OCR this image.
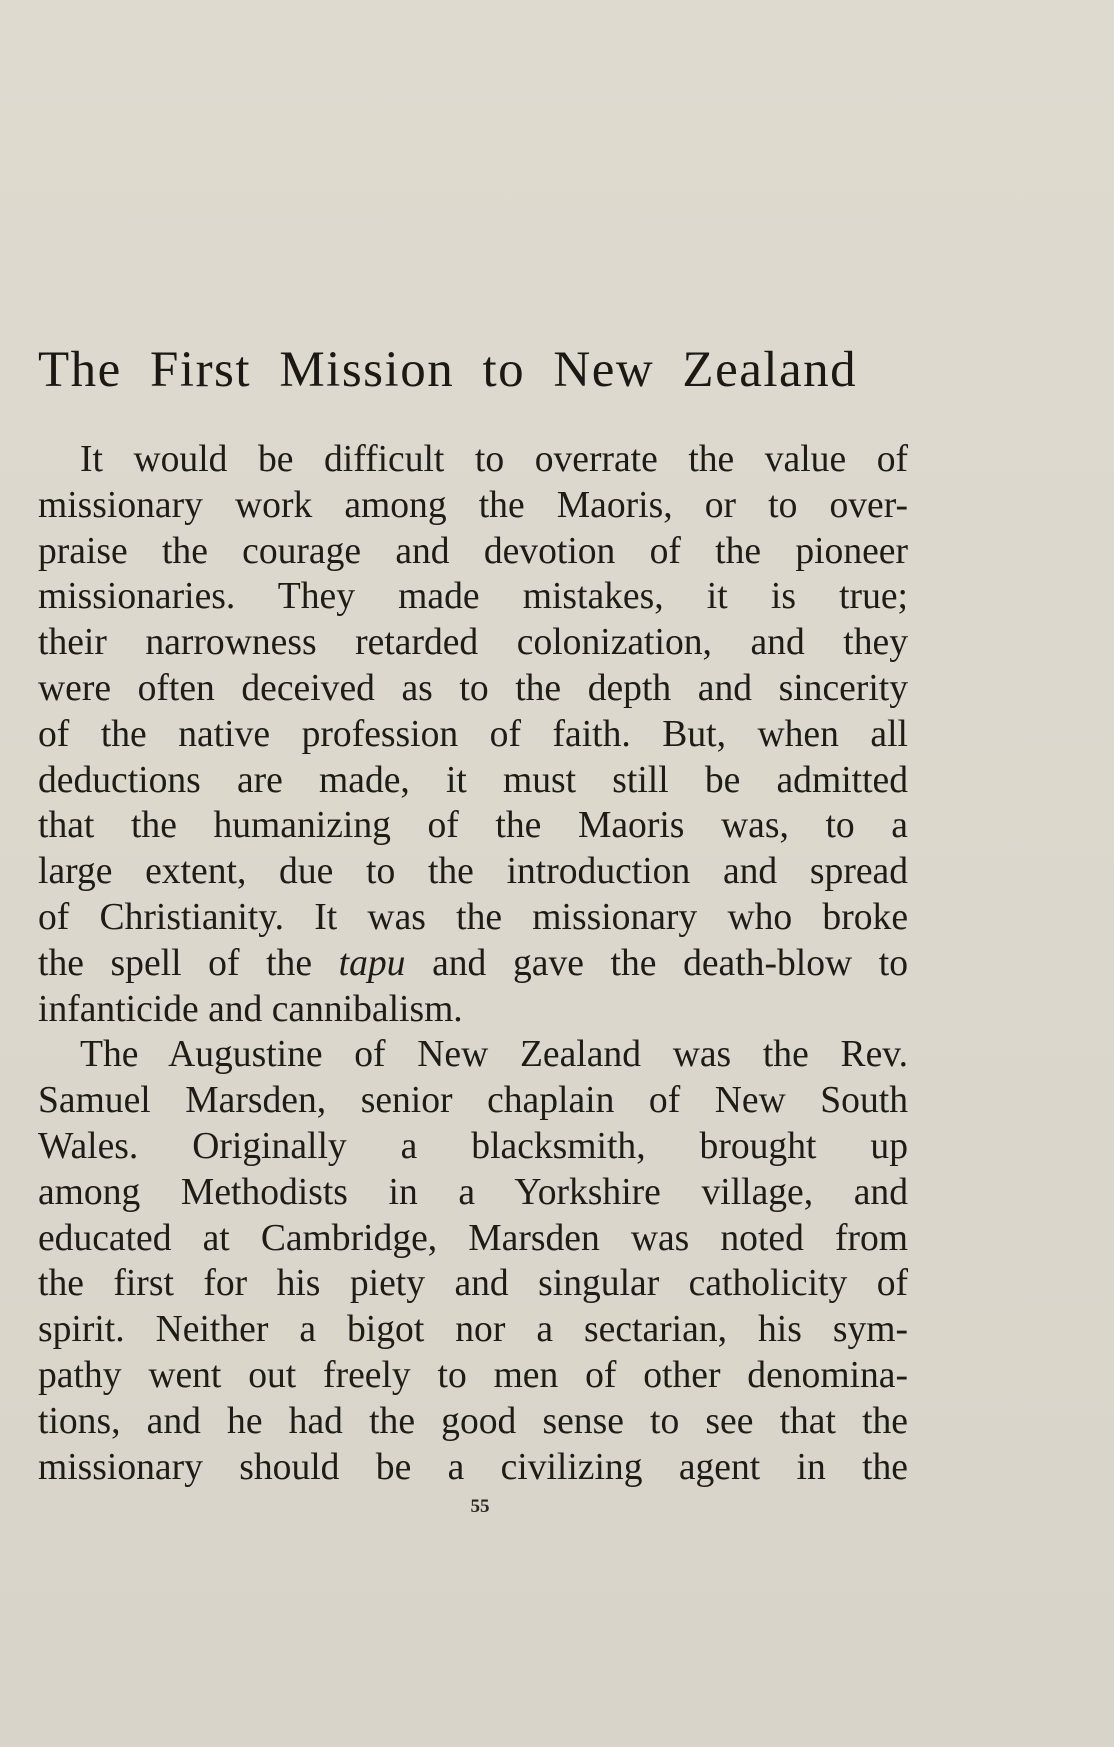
The First Mission to New Zealand
It would be difficult to overrate the value of
missionary work among the Maoris, or to over-
praise the courage and devotion of the pioneer
missionaries. They made mistakes, it is true;
their narrowness retarded colonization, and they
were often deceived as to the depth and sincerity
of the native profession of faith. But, when all
deductions are made, it must still be admitted
that the humanizing of the Maoris was, to a
large extent, due to the introduction and spread
of Christianity. It was the missionary who broke
the spell of the tapu and gave the death-blow to
infanticide and cannibalism.
The Augustine of New Zealand was the Rev.
Samuel Marsden, senior chaplain of New South
Wales. Originally a blacksmith, brought up
among Methodists in a Yorkshire village, and
educated at Cambridge, Marsden was noted from
the first for his piety and singular catholicity of
spirit. Neither a bigot nor a sectarian, his sym-
pathy went out freely to men of other denomina-
tions, and he had the good sense to see that the
missionary should be a civilizing agent in the
55
